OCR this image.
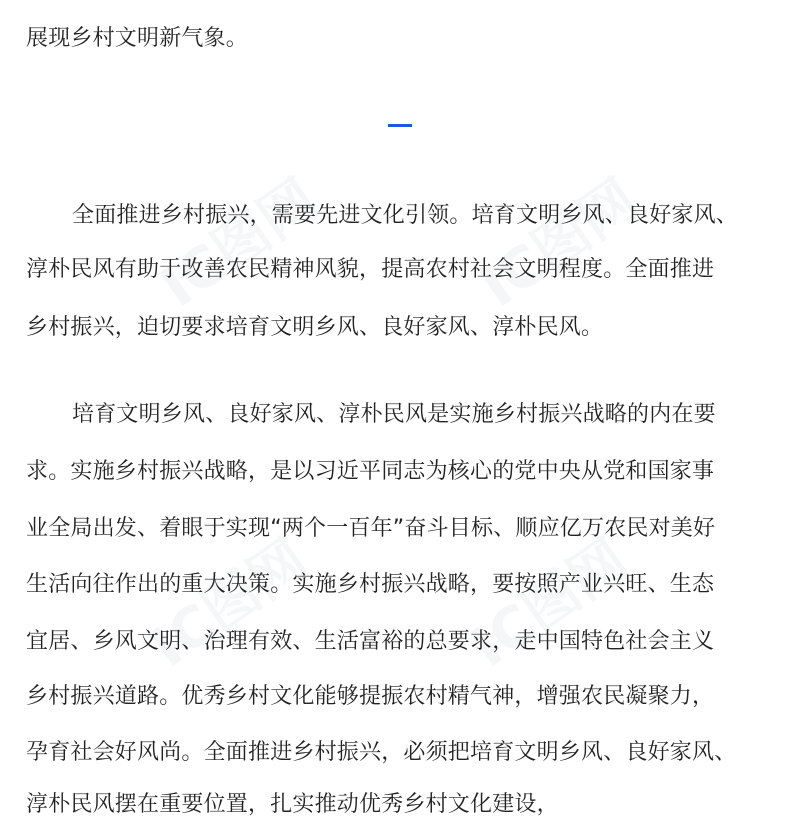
IC图网	IC图网
IC图网	IC图网

展现乡村文明新气象。

全面推进乡村振兴，需要先进文化引领。培育文明乡风、良好家风、

淳朴民风有助于改善农民精神风貌，提高农村社会文明程度。全面推进

乡村振兴，迫切要求培育文明乡风、良好家风、淳朴民风。

培育文明乡风、良好家风、淳朴民风是实施乡村振兴战略的内在要

求。实施乡村振兴战略，是以习近平同志为核心的党中央从党和国家事

业全局出发、着眼于实现“两个一百年”奋斗目标、顺应亿万农民对美好

生活向往作出的重大决策。实施乡村振兴战略，要按照产业兴旺、生态

宜居、乡风文明、治理有效、生活富裕的总要求，走中国特色社会主义

乡村振兴道路。优秀乡村文化能够提振农村精气神，增强农民凝聚力，

孕育社会好风尚。全面推进乡村振兴，必须把培育文明乡风、良好家风、

淳朴民风摆在重要位置，扎实推动优秀乡村文化建设，
